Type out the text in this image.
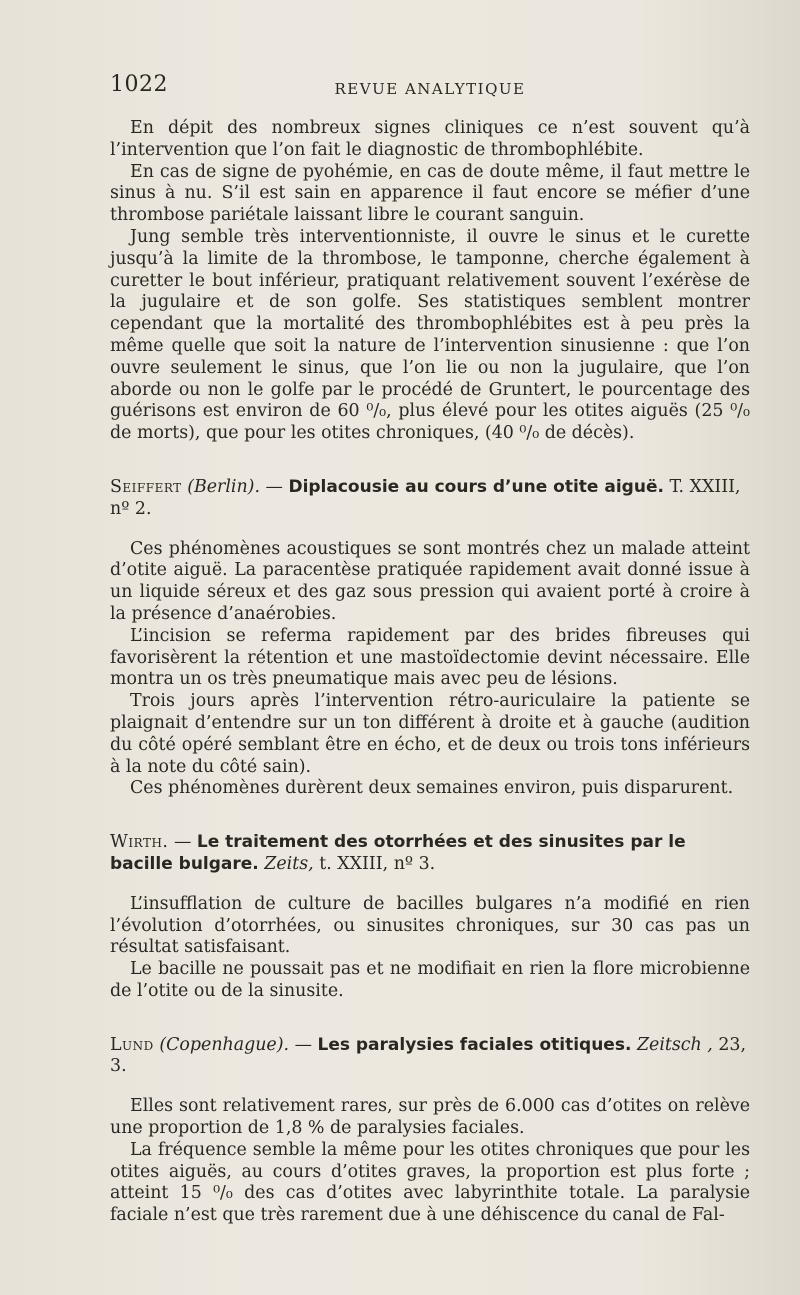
1022	REVUE ANALYTIQUE

En dépit des nombreux signes cliniques ce n’est souvent qu’à l’intervention que l’on fait le diagnostic de thrombophlébite.

En cas de signe de pyohémie, en cas de doute même, il faut mettre le sinus à nu. S’il est sain en apparence il faut encore se méfier d’une thrombose pariétale laissant libre le courant sanguin.

Jung semble très interventionniste, il ouvre le sinus et le curette jusqu’à la limite de la thrombose, le tamponne, cherche également à curetter le bout inférieur, pratiquant relativement souvent l’exérèse de la jugulaire et de son golfe. Ses statistiques semblent montrer cependant que la mortalité des thrombophlébites est à peu près la même quelle que soit la nature de l’intervention sinusienne : que l’on ouvre seulement le sinus, que l’on lie ou non la jugulaire, que l’on aborde ou non le golfe par le procédé de Gruntert, le pourcentage des guérisons est environ de 60 ⁰/₀, plus élevé pour les otites aiguës (25 ⁰/₀ de morts), que pour les otites chroniques, (40 ⁰/₀ de décès).

Seiffert (Berlin). — Diplacousie au cours d’une otite aiguë. T. XXIII, nº 2.

Ces phénomènes acoustiques se sont montrés chez un malade atteint d’otite aiguë. La paracentèse pratiquée rapidement avait donné issue à un liquide séreux et des gaz sous pression qui avaient porté à croire à la présence d’anaérobies.

L’incision se referma rapidement par des brides fibreuses qui favorisèrent la rétention et une mastoïdectomie devint nécessaire. Elle montra un os très pneumatique mais avec peu de lésions.

Trois jours après l’intervention rétro-auriculaire la patiente se plaignait d’entendre sur un ton différent à droite et à gauche (audition du côté opéré semblant être en écho, et de deux ou trois tons inférieurs à la note du côté sain).

Ces phénomènes durèrent deux semaines environ, puis disparurent.

Wirth. — Le traitement des otorrhées et des sinusites par le bacille bulgare. Zeits, t. XXIII, nº 3.

L’insufflation de culture de bacilles bulgares n’a modifié en rien l’évolution d’otorrhées, ou sinusites chroniques, sur 30 cas pas un résultat satisfaisant.

Le bacille ne poussait pas et ne modifiait en rien la flore microbienne de l’otite ou de la sinusite.

Lund (Copenhague). — Les paralysies faciales otitiques. Zeitsch , 23, 3.

Elles sont relativement rares, sur près de 6.000 cas d’otites on relève une proportion de 1,8 % de paralysies faciales.

La fréquence semble la même pour les otites chroniques que pour les otites aiguës, au cours d’otites graves, la proportion est plus forte ; atteint 15 ⁰/₀ des cas d’otites avec labyrinthite totale. La paralysie faciale n’est que très rarement due à une déhiscence du canal de Fal-
